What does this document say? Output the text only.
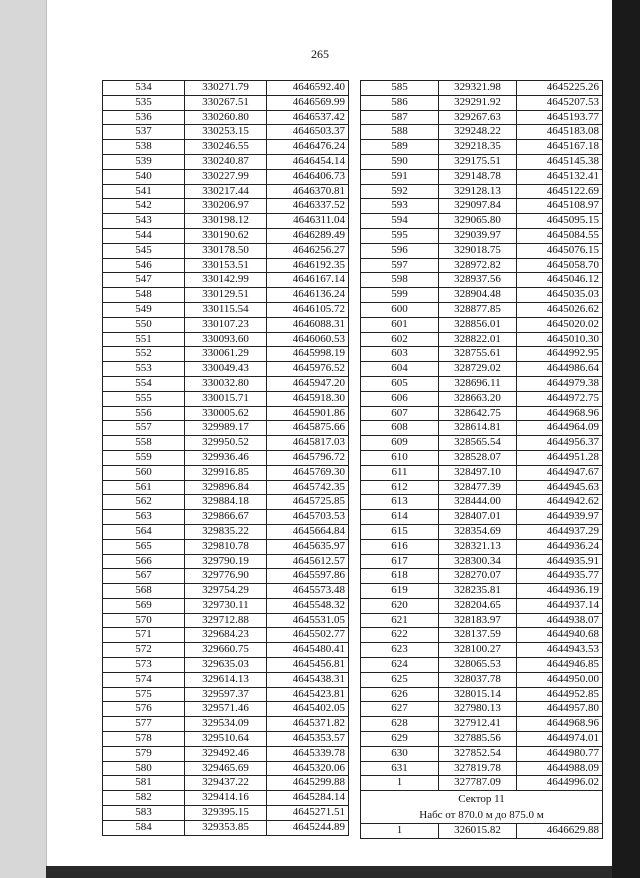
265
534	330271.79	4646592.40
535	330267.51	4646569.99
536	330260.80	4646537.42
537	330253.15	4646503.37
538	330246.55	4646476.24
539	330240.87	4646454.14
540	330227.99	4646406.73
541	330217.44	4646370.81
542	330206.97	4646337.52
543	330198.12	4646311.04
544	330190.62	4646289.49
545	330178.50	4646256.27
546	330153.51	4646192.35
547	330142.99	4646167.14
548	330129.51	4646136.24
549	330115.54	4646105.72
550	330107.23	4646088.31
551	330093.60	4646060.53
552	330061.29	4645998.19
553	330049.43	4645976.52
554	330032.80	4645947.20
555	330015.71	4645918.30
556	330005.62	4645901.86
557	329989.17	4645875.66
558	329950.52	4645817.03
559	329936.46	4645796.72
560	329916.85	4645769.30
561	329896.84	4645742.35
562	329884.18	4645725.85
563	329866.67	4645703.53
564	329835.22	4645664.84
565	329810.78	4645635.97
566	329790.19	4645612.57
567	329776.90	4645597.86
568	329754.29	4645573.48
569	329730.11	4645548.32
570	329712.88	4645531.05
571	329684.23	4645502.77
572	329660.75	4645480.41
573	329635.03	4645456.81
574	329614.13	4645438.31
575	329597.37	4645423.81
576	329571.46	4645402.05
577	329534.09	4645371.82
578	329510.64	4645353.57
579	329492.46	4645339.78
580	329465.69	4645320.06
581	329437.22	4645299.88
582	329414.16	4645284.14
583	329395.15	4645271.51
584	329353.85	4645244.89
585	329321.98	4645225.26
586	329291.92	4645207.53
587	329267.63	4645193.77
588	329248.22	4645183.08
589	329218.35	4645167.18
590	329175.51	4645145.38
591	329148.78	4645132.41
592	329128.13	4645122.69
593	329097.84	4645108.97
594	329065.80	4645095.15
595	329039.97	4645084.55
596	329018.75	4645076.15
597	328972.82	4645058.70
598	328937.56	4645046.12
599	328904.48	4645035.03
600	328877.85	4645026.62
601	328856.01	4645020.02
602	328822.01	4645010.30
603	328755.61	4644992.95
604	328729.02	4644986.64
605	328696.11	4644979.38
606	328663.20	4644972.75
607	328642.75	4644968.96
608	328614.81	4644964.09
609	328565.54	4644956.37
610	328528.07	4644951.28
611	328497.10	4644947.67
612	328477.39	4644945.63
613	328444.00	4644942.62
614	328407.01	4644939.97
615	328354.69	4644937.29
616	328321.13	4644936.24
617	328300.34	4644935.91
618	328270.07	4644935.77
619	328235.81	4644936.19
620	328204.65	4644937.14
621	328183.97	4644938.07
622	328137.59	4644940.68
623	328100.27	4644943.53
624	328065.53	4644946.85
625	328037.78	4644950.00
626	328015.14	4644952.85
627	327980.13	4644957.80
628	327912.41	4644968.96
629	327885.56	4644974.01
630	327852.54	4644980.77
631	327819.78	4644988.09
1	327787.09	4644996.02

Сектор 11
Набс от 870.0 м до 875.0 м		

1	326015.82	4646629.88
